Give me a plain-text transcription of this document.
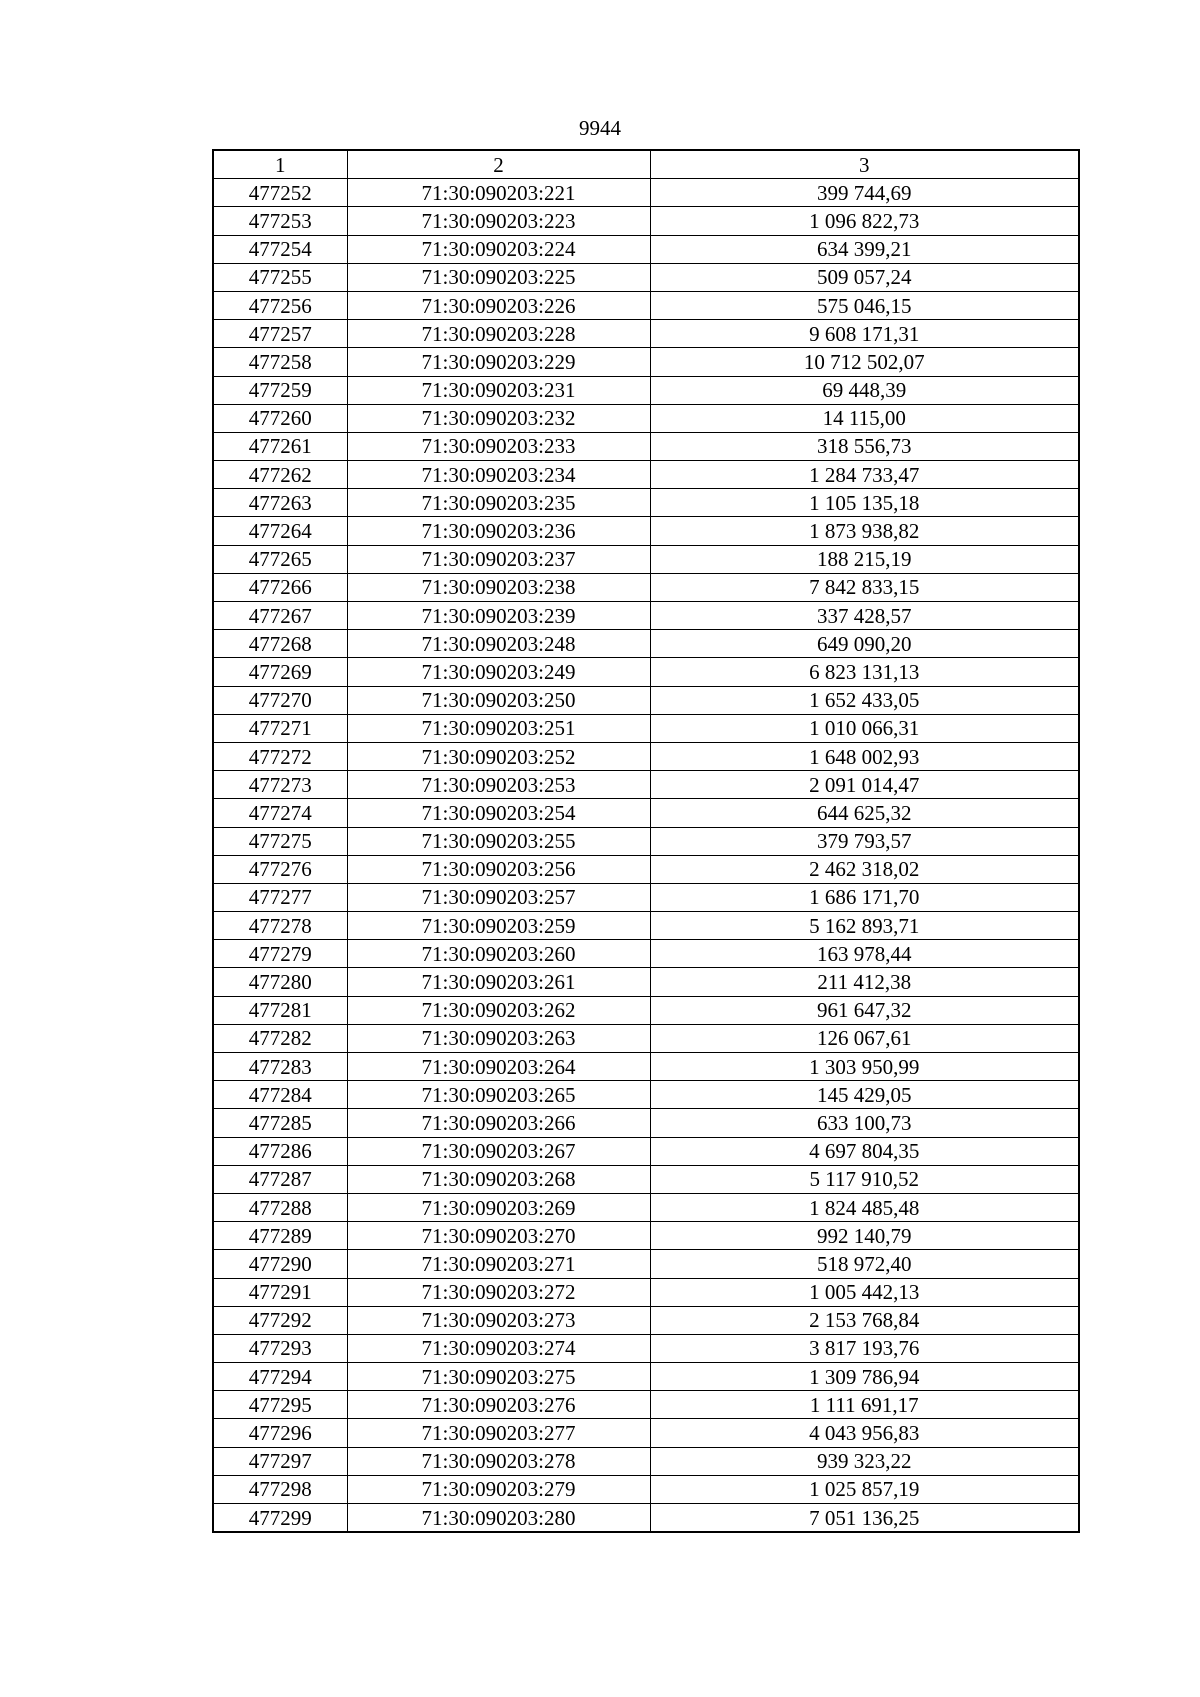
9944
1	2	3
477252	71:30:090203:221	399 744,69
477253	71:30:090203:223	1 096 822,73
477254	71:30:090203:224	634 399,21
477255	71:30:090203:225	509 057,24
477256	71:30:090203:226	575 046,15
477257	71:30:090203:228	9 608 171,31
477258	71:30:090203:229	10 712 502,07
477259	71:30:090203:231	69 448,39
477260	71:30:090203:232	14 115,00
477261	71:30:090203:233	318 556,73
477262	71:30:090203:234	1 284 733,47
477263	71:30:090203:235	1 105 135,18
477264	71:30:090203:236	1 873 938,82
477265	71:30:090203:237	188 215,19
477266	71:30:090203:238	7 842 833,15
477267	71:30:090203:239	337 428,57
477268	71:30:090203:248	649 090,20
477269	71:30:090203:249	6 823 131,13
477270	71:30:090203:250	1 652 433,05
477271	71:30:090203:251	1 010 066,31
477272	71:30:090203:252	1 648 002,93
477273	71:30:090203:253	2 091 014,47
477274	71:30:090203:254	644 625,32
477275	71:30:090203:255	379 793,57
477276	71:30:090203:256	2 462 318,02
477277	71:30:090203:257	1 686 171,70
477278	71:30:090203:259	5 162 893,71
477279	71:30:090203:260	163 978,44
477280	71:30:090203:261	211 412,38
477281	71:30:090203:262	961 647,32
477282	71:30:090203:263	126 067,61
477283	71:30:090203:264	1 303 950,99
477284	71:30:090203:265	145 429,05
477285	71:30:090203:266	633 100,73
477286	71:30:090203:267	4 697 804,35
477287	71:30:090203:268	5 117 910,52
477288	71:30:090203:269	1 824 485,48
477289	71:30:090203:270	992 140,79
477290	71:30:090203:271	518 972,40
477291	71:30:090203:272	1 005 442,13
477292	71:30:090203:273	2 153 768,84
477293	71:30:090203:274	3 817 193,76
477294	71:30:090203:275	1 309 786,94
477295	71:30:090203:276	1 111 691,17
477296	71:30:090203:277	4 043 956,83
477297	71:30:090203:278	939 323,22
477298	71:30:090203:279	1 025 857,19
477299	71:30:090203:280	7 051 136,25
